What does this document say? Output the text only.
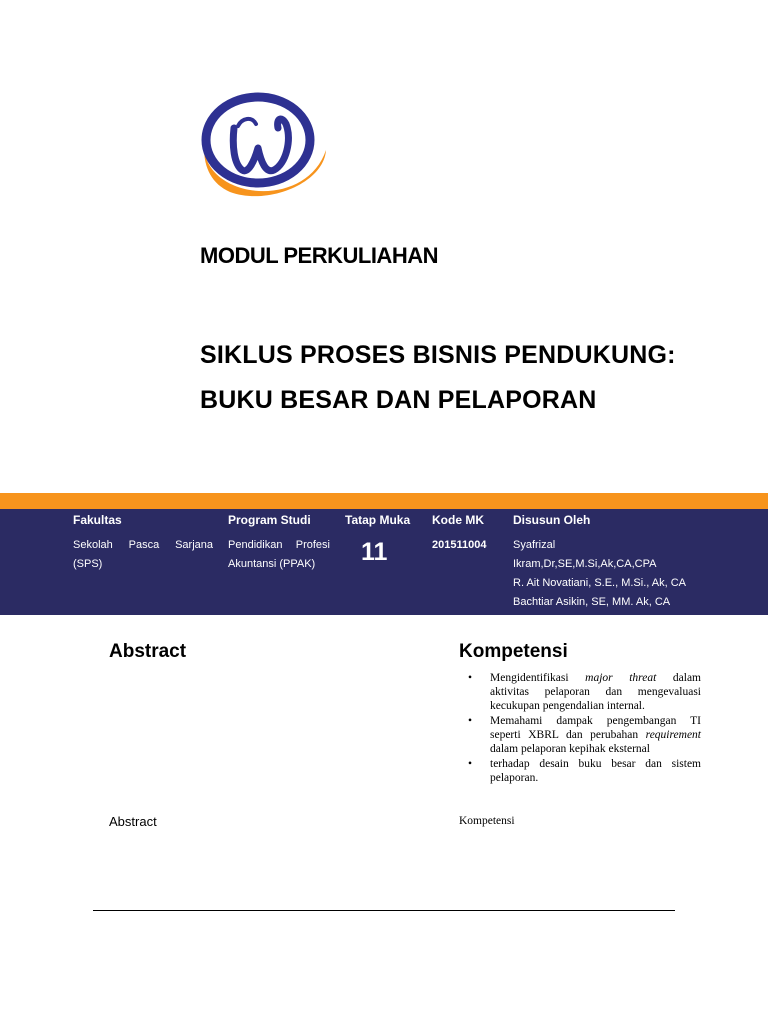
MODUL PERKULIAHAN
SIKLUS PROSES BISNIS PENDUKUNG: BUKU BESAR DAN PELAPORAN
Fakultas
Sekolah Pasca Sarjana
(SPS)
Program Studi
Pendidikan Profesi
Akuntansi (PPAK)
Tatap Muka
11
Kode MK
201511004
Disusun Oleh
Syafrizal
Ikram,Dr,SE,M.Si,Ak,CA,CPA
R. Ait Novatiani, S.E., M.Si., Ak, CA
Bachtiar Asikin, SE, MM. Ak, CA
Abstract	Kompetensi
• Mengidentifikasi major threat dalam aktivitas pelaporan dan mengevaluasi kecukupan pengendalian internal.
• Memahami dampak pengembangan TI seperti XBRL dan perubahan requirement dalam pelaporan kepihak eksternal
• terhadap desain buku besar dan sistem pelaporan.
Abstract	Kompetensi
